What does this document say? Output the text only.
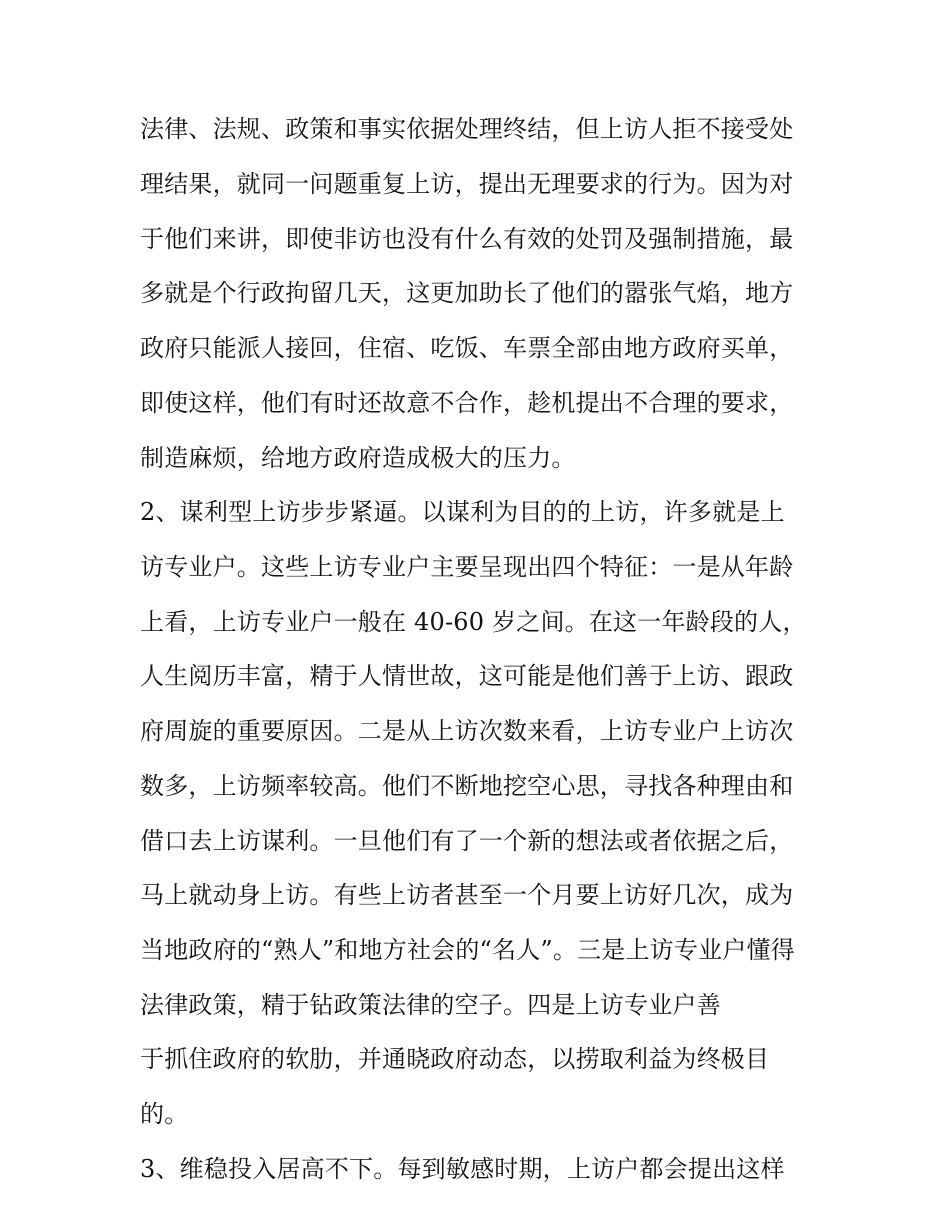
法律、法规、政策和事实依据处理终结，但上访人拒不接受处
理结果，就同一问题重复上访，提出无理要求的行为。因为对
于他们来讲，即使非访也没有什么有效的处罚及强制措施，最
多就是个行政拘留几天，这更加助长了他们的嚣张气焰，地方
政府只能派人接回，住宿、吃饭、车票全部由地方政府买单，
即使这样，他们有时还故意不合作，趁机提出不合理的要求，
制造麻烦，给地方政府造成极大的压力。
2、谋利型上访步步紧逼。以谋利为目的的上访，许多就是上
访专业户。这些上访专业户主要呈现出四个特征：一是从年龄
上看，上访专业户一般在 40-60 岁之间。在这一年龄段的人，
人生阅历丰富，精于人情世故，这可能是他们善于上访、跟政
府周旋的重要原因。二是从上访次数来看，上访专业户上访次
数多，上访频率较高。他们不断地挖空心思，寻找各种理由和
借口去上访谋利。一旦他们有了一个新的想法或者依据之后，
马上就动身上访。有些上访者甚至一个月要上访好几次，成为
当地政府的“熟人”和地方社会的“名人”。三是上访专业户懂得
法律政策，精于钻政策法律的空子。四是上访专业户善
于抓住政府的软肋，并通晓政府动态，以捞取利益为终极目
的。
3、维稳投入居高不下。每到敏感时期，上访户都会提出这样
